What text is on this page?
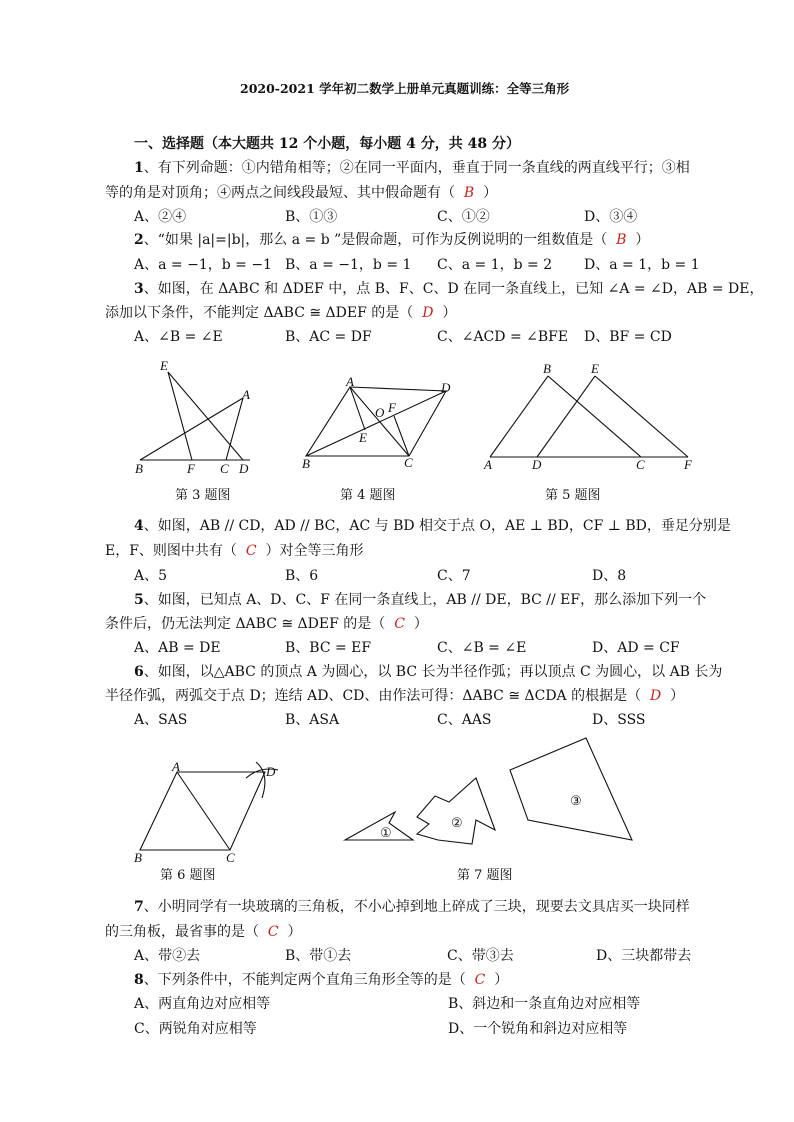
2020-2021 学年初二数学上册单元真题训练：全等三角形
一、选择题（本大题共 12 个小题，每小题 4 分，共 48 分）
1、有下列命题：①内错角相等；②在同一平面内，垂直于同一条直线的两直线平行；③相
等的角是对顶角；④两点之间线段最短、其中假命题有（ B ）
A、②④	B、①③	C、①②	D、③④
2、“如果 |a|=|b|，那么 a = b ”是假命题，可作为反例说明的一组数值是（ B ）
A、a = −1，b = −1 B、a = −1，b = 1 C、a = 1，b = 2 D、a = 1，b = 1
3、如图，在 ΔABC 和 ΔDEF 中，点 B、F、C、D 在同一条直线上，已知 ∠A = ∠D，AB = DE，
添加以下条件，不能判定 ΔABC ≅ ΔDEF 的是（ D ）
A、∠B = ∠E	B、AC = DF	C、∠ACD = ∠BFE D、BF = CD
E
A
B	F C D
A	D
O F
E
B	C
B	E
A	D	C	F
第 3 题图	第 4 题图	第 5 题图
4、如图，AB // CD，AD // BC，AC 与 BD 相交于点 O，AE ⊥ BD，CF ⊥ BD，垂足分别是
E，F、则图中共有（ C ）对全等三角形
A、5	B、6	C、7	D、8
5、如图，已知点 A、D、C、F 在同一条直线上，AB // DE，BC // EF，那么添加下列一个
条件后，仍无法判定 ΔABC ≅ ΔDEF 的是（ C ）
A、AB = DE	B、BC = EF	C、∠B = ∠E	D、AD = CF
6、如图，以△ABC 的顶点 A 为圆心，以 BC 长为半径作弧；再以顶点 C 为圆心，以 AB 长为
半径作弧，两弧交于点 D；连结 AD、CD、由作法可得：ΔABC ≅ ΔCDA 的根据是（ D ）
A、SAS	B、ASA	C、AAS	D、SSS
A	D
B	C
①
②
③
第 6 题图	第 7 题图
7、小明同学有一块玻璃的三角板，不小心掉到地上碎成了三块，现要去文具店买一块同样
的三角板，最省事的是（ C ）
A、带②去	B、带①去	C、带③去	D、三块都带去
8、下列条件中，不能判定两个直角三角形全等的是（ C ）
A、两直角边对应相等	B、斜边和一条直角边对应相等
C、两锐角对应相等	D、一个锐角和斜边对应相等
